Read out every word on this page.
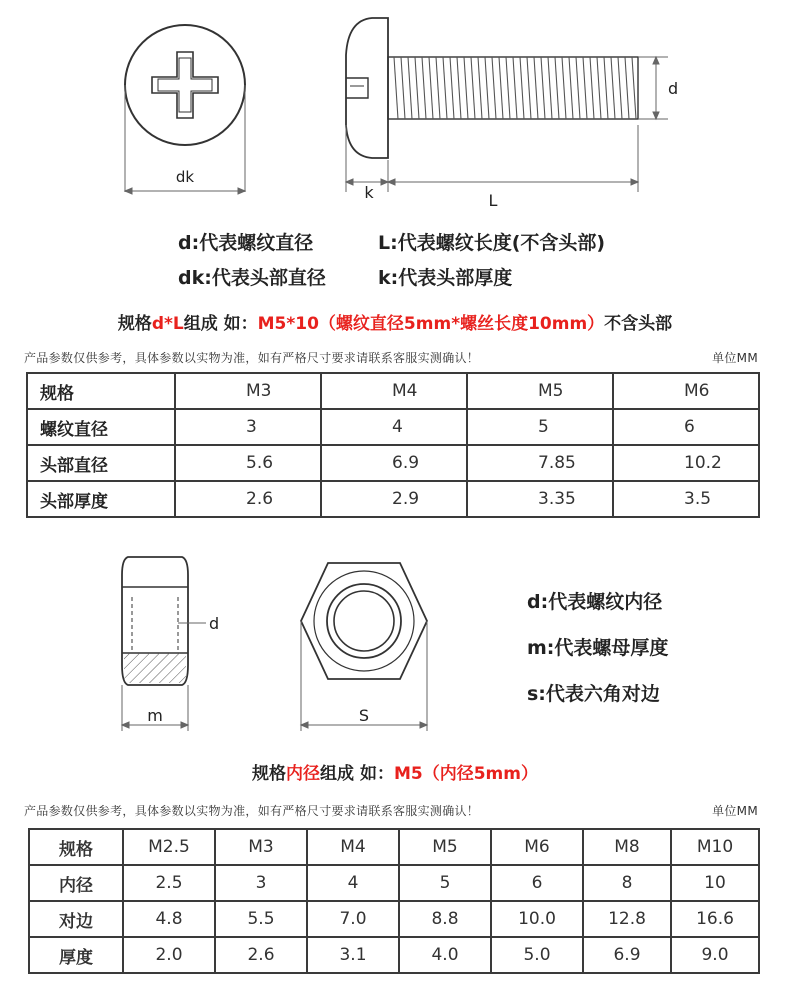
dk
d
k	L
d:代表螺纹直径	L:代表螺纹长度(不含头部)
dk:代表头部直径	k:代表头部厚度
规格d*L组成 如：M5*10（螺纹直径5mm*螺丝长度10mm）不含头部
产品参数仅供参考，具体参数以实物为准，如有严格尺寸要求请联系客服实测确认！	单位MM
规格	M3	M4	M5	M6
螺纹直径	3	4	5	6
头部直径	5.6	6.9	7.85	10.2
头部厚度	2.6	2.9	3.35	3.5
d
m	S
d:代表螺纹内径
m:代表螺母厚度
s:代表六角对边
规格内径组成 如：M5（内径5mm）
产品参数仅供参考，具体参数以实物为准，如有严格尺寸要求请联系客服实测确认！	单位MM
规格	M2.5	M3	M4	M5	M6	M8	M10
内径	2.5	3	4	5	6	8	10
对边	4.8	5.5	7.0	8.8	10.0	12.8	16.6
厚度	2.0	2.6	3.1	4.0	5.0	6.9	9.0
